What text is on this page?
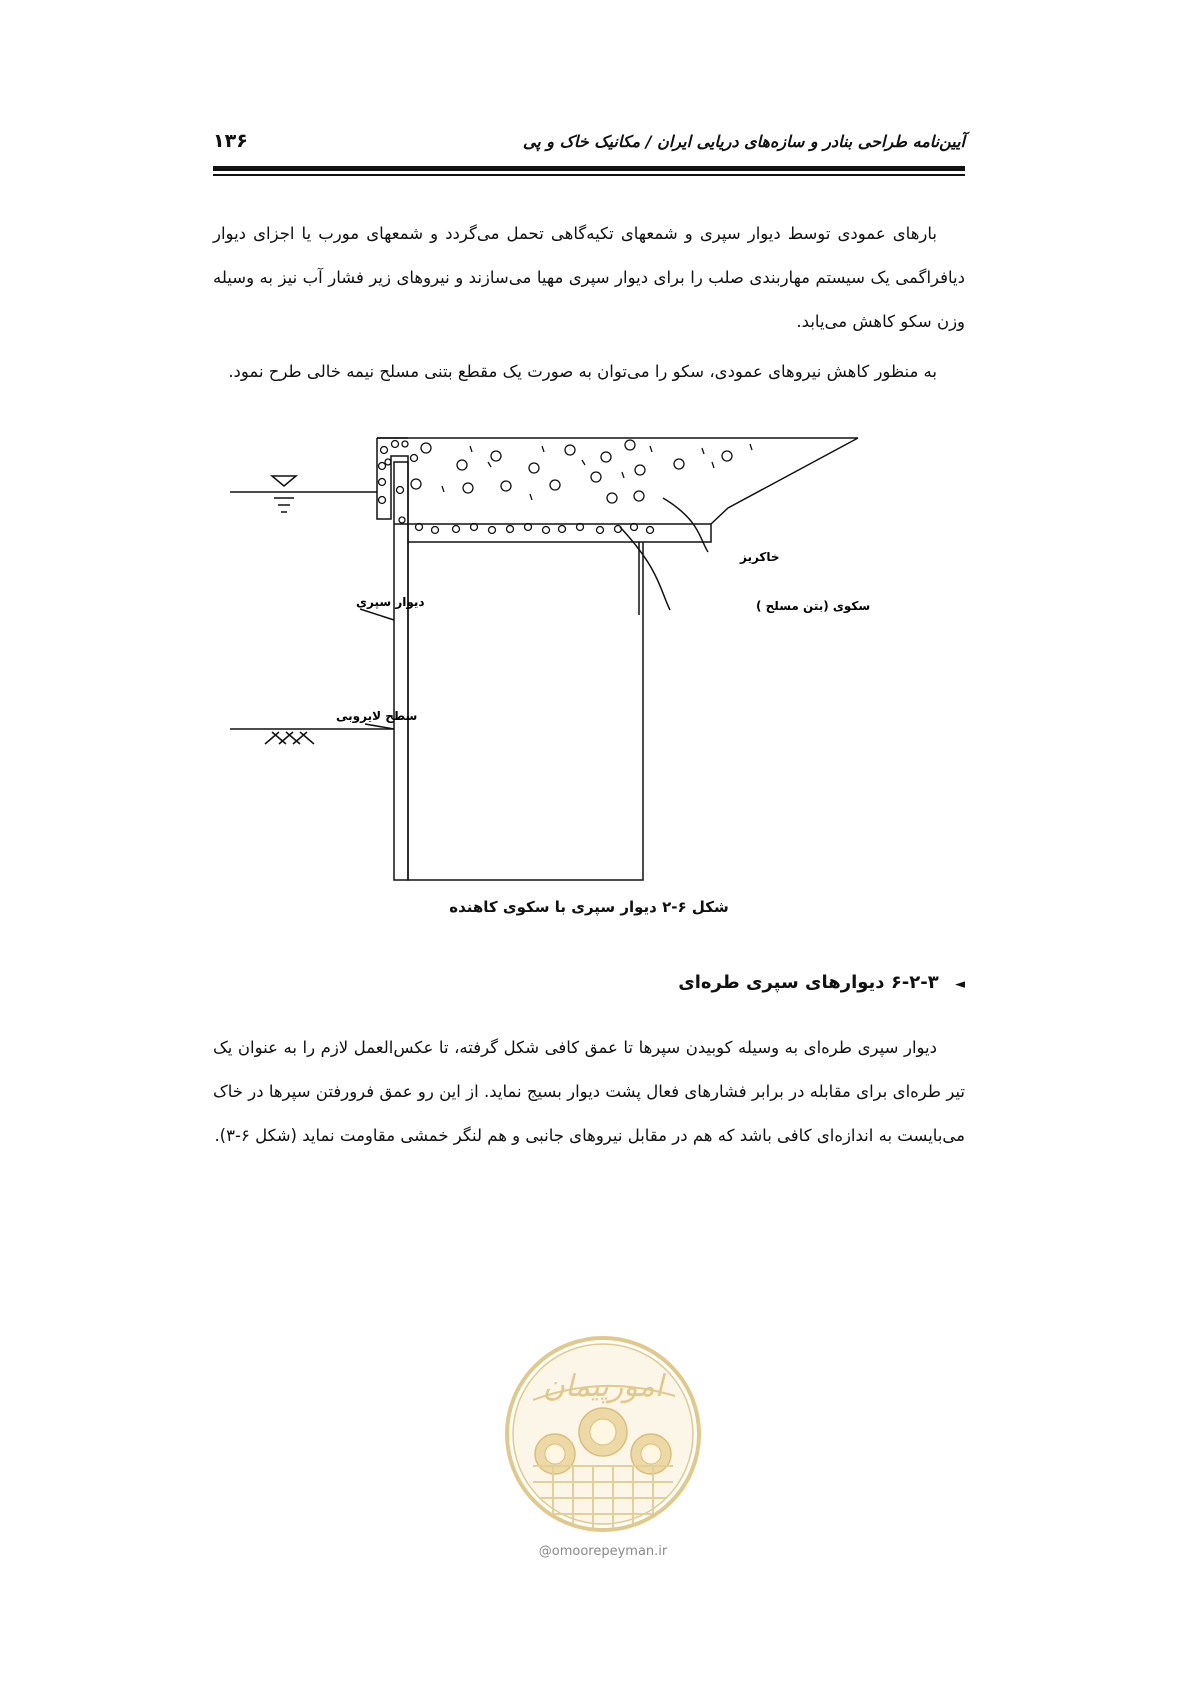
۱۳۶	آیین‌نامه طراحی بنادر و سازه‌های دریایی ایران / مکانیک خاک و پی

بارهای عمودی توسط دیوار سپری و شمعهای تکیه‌گاهی تحمل می‌گردد و شمعهای مورب یا اجزای دیوار دیافراگمی یک سیستم مهاربندی صلب را برای دیوار سپری مهیا می‌سازند و نیروهای زیر فشار آب نیز به وسیله وزن سکو کاهش می‌یابد.

به منظور کاهش نیروهای عمودی، سکو را می‌توان به صورت یک مقطع بتنی مسلح نیمه خالی طرح نمود.

خاکریز
سکوی (بتن مسلح )
دیوار سپری
سطح لایروبی
شکل ۶-۲ دیوار سپری با سکوی کاهنده
◄ ۶-۲-۳ دیوارهای سپری طره‌ای

دیوار سپری طره‌ای به وسیله کوبیدن سپرها تا عمق کافی شکل گرفته، تا عکس‌العمل لازم را به عنوان یک تیر طره‌ای برای مقابله در برابر فشارهای فعال پشت دیوار بسیج نماید. از این رو عمق فرورفتن سپرها در خاک می‌بایست به اندازه‌ای کافی باشد که هم در مقابل نیروهای جانبی و هم لنگر خمشی مقاومت نماید (شکل ۶-۳).

امورپیمان
@omoorepeyman.ir
